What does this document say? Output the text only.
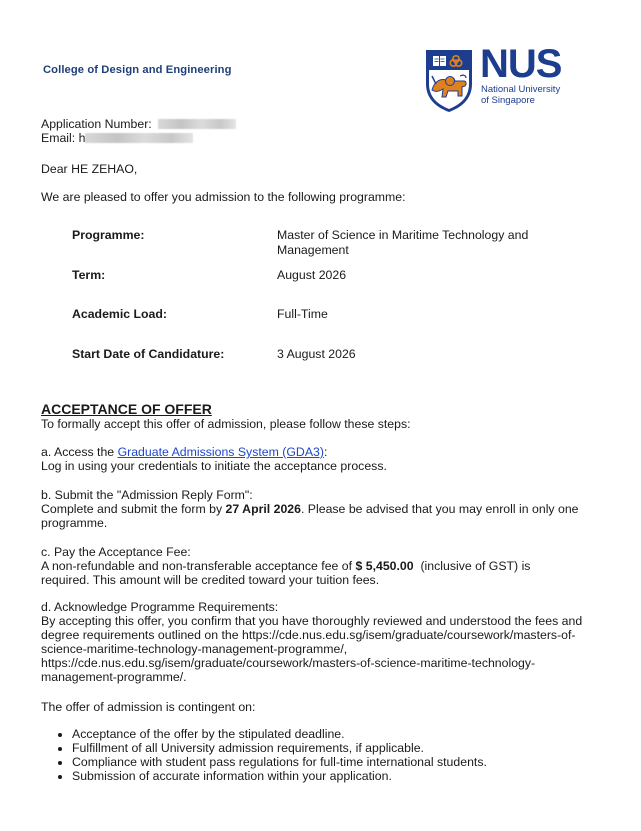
College of Design and Engineering	NUS
National University
of Singapore
Application Number:
Email: h
Dear HE ZEHAO,
We are pleased to offer you admission to the following programme:
Programme:	Master of Science in Maritime Technology and Management
Term:	August 2026
Academic Load:	Full-Time
Start Date of Candidature:	3 August 2026
ACCEPTANCE OF OFFER
To formally accept this offer of admission, please follow these steps:
a. Access the Graduate Admissions System (GDA3):
Log in using your credentials to initiate the acceptance process.
b. Submit the "Admission Reply Form":
Complete and submit the form by 27 April 2026. Please be advised that you may enroll in only one programme.
c. Pay the Acceptance Fee:
A non-refundable and non-transferable acceptance fee of $ 5,450.00  (inclusive of GST) is required. This amount will be credited toward your tuition fees.
d. Acknowledge Programme Requirements:
By accepting this offer, you confirm that you have thoroughly reviewed and understood the fees and degree requirements outlined on the https://cde.nus.edu.sg/isem/graduate/coursework/masters-of-science-maritime-technology-management-programme/, https://cde.nus.edu.sg/isem/graduate/coursework/masters-of-science-maritime-technology-management-programme/.
The offer of admission is contingent on:
• Acceptance of the offer by the stipulated deadline.
• Fulfillment of all University admission requirements, if applicable.
• Compliance with student pass regulations for full-time international students.
• Submission of accurate information within your application.
